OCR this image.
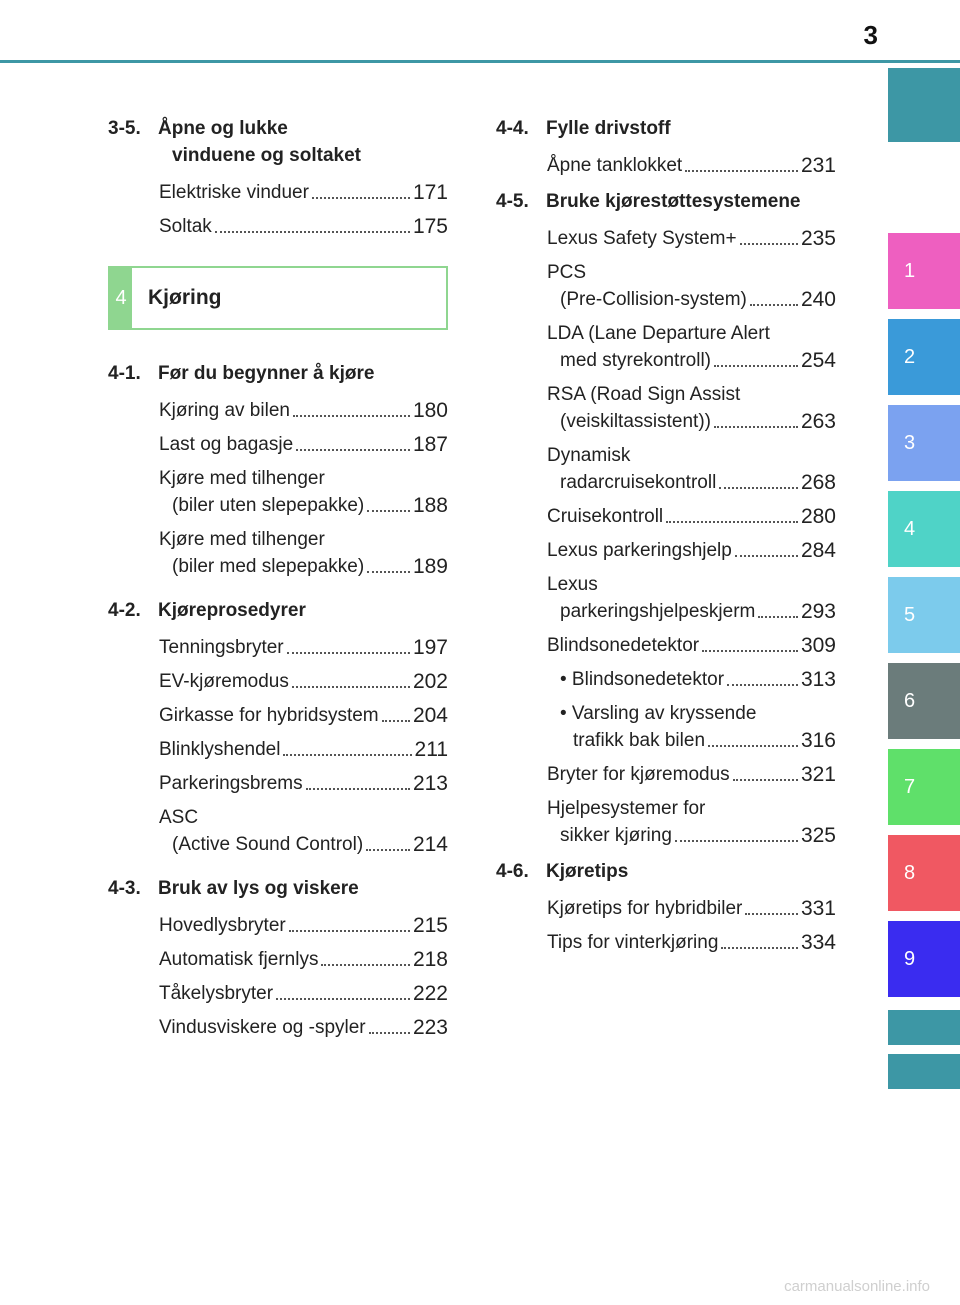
3
1
2
3
4
5
6
7
8
9
3-5. Åpne og lukke
vinduene og soltaket
Elektriske vinduer	171
Soltak	175
4	Kjøring
4-1. Før du begynner å kjøre
Kjøring av bilen	180
Last og bagasje	187
Kjøre med tilhenger
(biler uten slepepakke) 188
Kjøre med tilhenger
(biler med slepepakke) 189
4-2. Kjøreprosedyrer
Tenningsbryter	197
EV-kjøremodus	202
Girkasse for hybridsystem 204
Blinklyshendel	211
Parkeringsbrems	213
ASC
(Active Sound Control) 214
4-3. Bruk av lys og viskere
Hovedlysbryter	215
Automatisk fjernlys	218
Tåkelysbryter	222
Vindusviskere og -spyler 223
4-4. Fylle drivstoff
Åpne tanklokket	231
4-5. Bruke kjørestøttesystemene
Lexus Safety System+	235
PCS
(Pre-Collision-system)	240
LDA (Lane Departure Alert
med styrekontroll)	254
RSA (Road Sign Assist
(veiskiltassistent))	263
Dynamisk
radarcruisekontroll	268
Cruisekontroll	280
Lexus parkeringshjelp	284
Lexus
parkeringshjelpeskjerm 293
Blindsonedetektor	309
• Blindsonedetektor	313
• Varsling av kryssende
trafikk bak bilen	316
Bryter for kjøremodus	321
Hjelpesystemer for
sikker kjøring	325
4-6. Kjøretips
Kjøretips for hybridbiler	331
Tips for vinterkjøring	334
carmanualsonline.info
